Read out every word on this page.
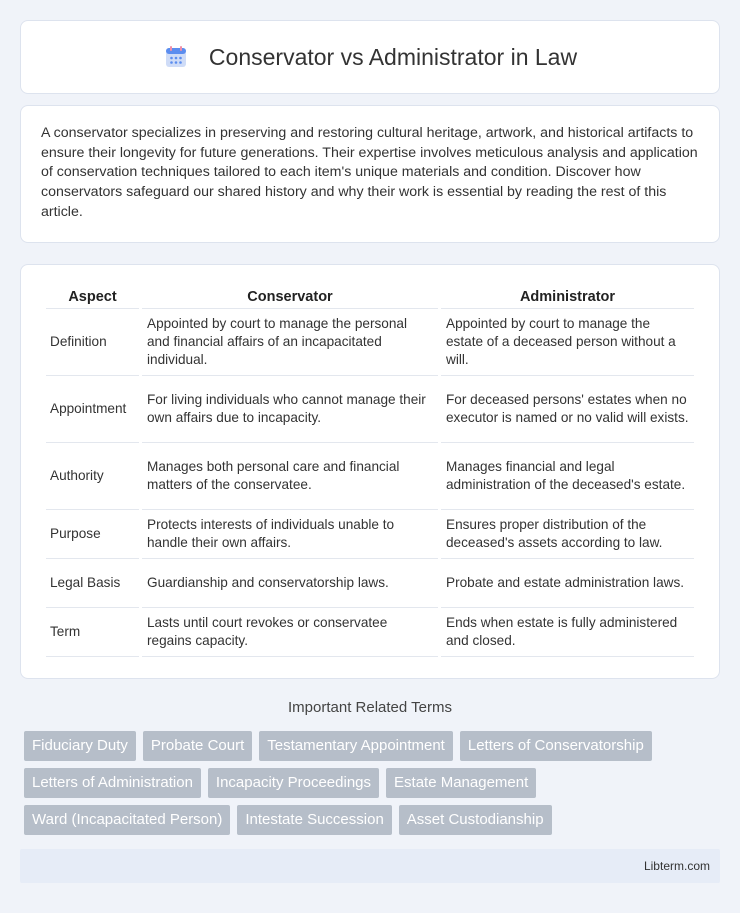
Conservator vs Administrator in Law

A conservator specializes in preserving and restoring cultural heritage, artwork, and historical artifacts to ensure their longevity for future generations. Their expertise involves meticulous analysis and application of conservation techniques tailored to each item's unique materials and condition. Discover how conservators safeguard our shared history and why their work is essential by reading the rest of this article.

Aspect	Conservator	Administrator
Definition	Appointed by court to manage the personal and financial affairs of an incapacitated individual.	Appointed by court to manage the estate of a deceased person without a will.
Appointment	For living individuals who cannot manage their own affairs due to incapacity.	For deceased persons' estates when no executor is named or no valid will exists.
Authority	Manages both personal care and financial matters of the conservatee.	Manages financial and legal administration of the deceased's estate.
Purpose	Protects interests of individuals unable to handle their own affairs.	Ensures proper distribution of the deceased's assets according to law.
Legal Basis	Guardianship and conservatorship laws.	Probate and estate administration laws.
Term	Lasts until court revokes or conservatee regains capacity.	Ends when estate is fully administered and closed.
Important Related Terms
Fiduciary Duty	Probate Court	Testamentary Appointment	Letters of Conservatorship
Letters of Administration	Incapacity Proceedings	Estate Management
Ward (Incapacitated Person)	Intestate Succession	Asset Custodianship
Libterm.com
